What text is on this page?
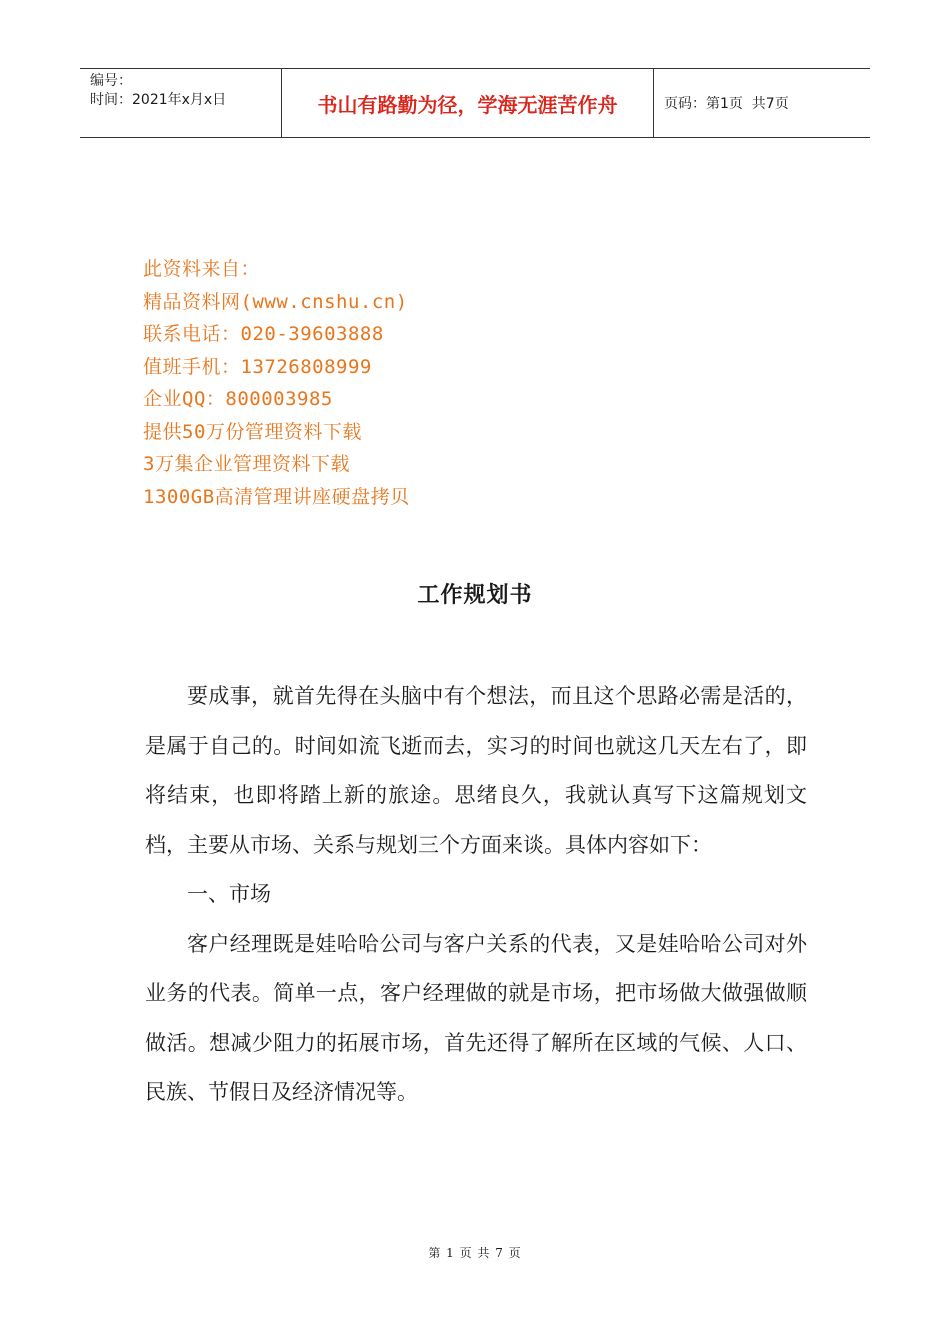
编号：
时间：2021年x月x日	书山有路勤为径，学海无涯苦作舟	页码：第1页  共7页
此资料来自：
精品资料网(www.cnshu.cn)
联系电话：020-39603888
值班手机：13726808999
企业QQ：800003985
提供50万份管理资料下载
3万集企业管理资料下载
1300GB高清管理讲座硬盘拷贝
工作规划书

要成事，就首先得在头脑中有个想法，而且这个思路必需是活的，是属于自己的。时间如流飞逝而去，实习的时间也就这几天左右了，即将结束，也即将踏上新的旅途。思绪良久，我就认真写下这篇规划文档，主要从市场、关系与规划三个方面来谈。具体内容如下：

一、市场

客户经理既是娃哈哈公司与客户关系的代表，又是娃哈哈公司对外业务的代表。简单一点，客户经理做的就是市场，把市场做大做强做顺做活。想减少阻力的拓展市场，首先还得了解所在区域的气候、人口、民族、节假日及经济情况等。

第 1 页 共 7 页
